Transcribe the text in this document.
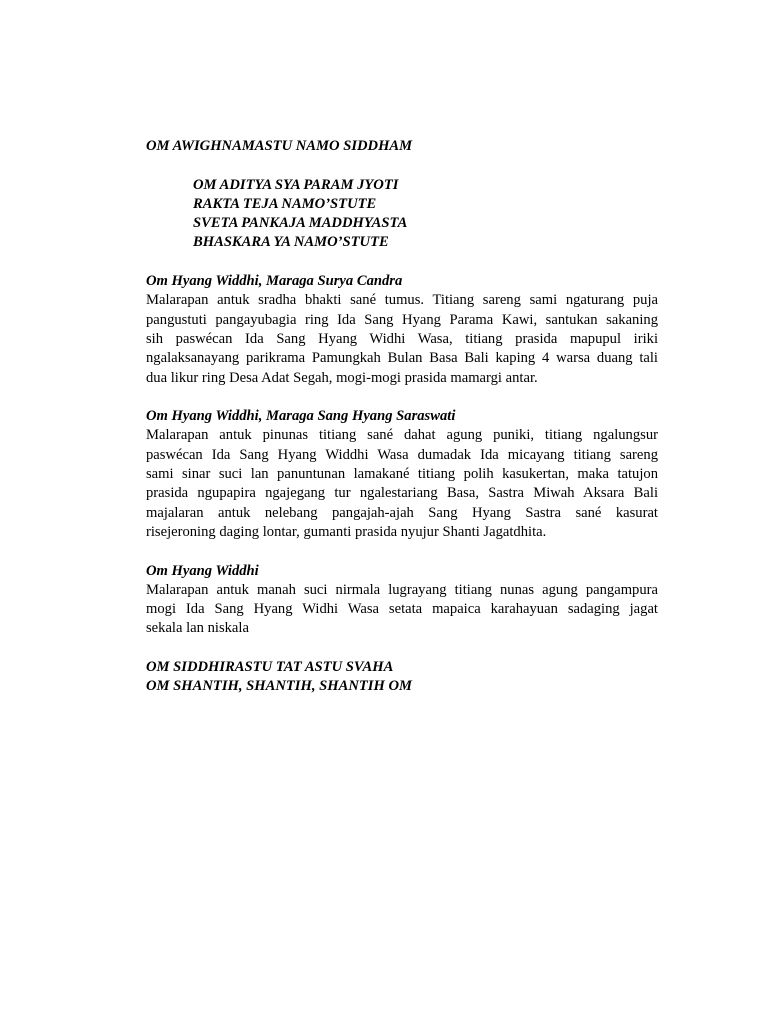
OM AWIGHNAMASTU NAMO SIDDHAM
OM ADITYA SYA PARAM JYOTI
RAKTA TEJA NAMO’STUTE
SVETA PANKAJA MADDHYASTA
BHASKARA YA NAMO’STUTE
Om Hyang Widdhi, Maraga Surya Candra
Malarapan antuk sradha bhakti sané tumus. Titiang sareng sami ngaturang puja
pangustuti pangayubagia ring Ida Sang Hyang Parama Kawi, santukan sakaning
sih paswécan Ida Sang Hyang Widhi Wasa, titiang prasida mapupul iriki
ngalaksanayang parikrama Pamungkah Bulan Basa Bali kaping 4 warsa duang tali
dua likur ring Desa Adat Segah, mogi-mogi prasida mamargi antar.
Om Hyang Widdhi, Maraga Sang Hyang Saraswati
Malarapan antuk pinunas titiang sané dahat agung puniki, titiang ngalungsur
paswécan Ida Sang Hyang Widdhi Wasa dumadak Ida micayang titiang sareng
sami sinar suci lan panuntunan lamakané titiang polih kasukertan, maka tatujon
prasida ngupapira ngajegang tur ngalestariang Basa, Sastra Miwah Aksara Bali
majalaran antuk nelebang pangajah-ajah Sang Hyang Sastra sané kasurat
risejeroning daging lontar, gumanti prasida nyujur Shanti Jagatdhita.
Om Hyang Widdhi
Malarapan antuk manah suci nirmala lugrayang titiang nunas agung pangampura
mogi Ida Sang Hyang Widhi Wasa setata mapaica karahayuan sadaging jagat
sekala lan niskala
OM SIDDHIRASTU TAT ASTU SVAHA
OM SHANTIH, SHANTIH, SHANTIH OM
